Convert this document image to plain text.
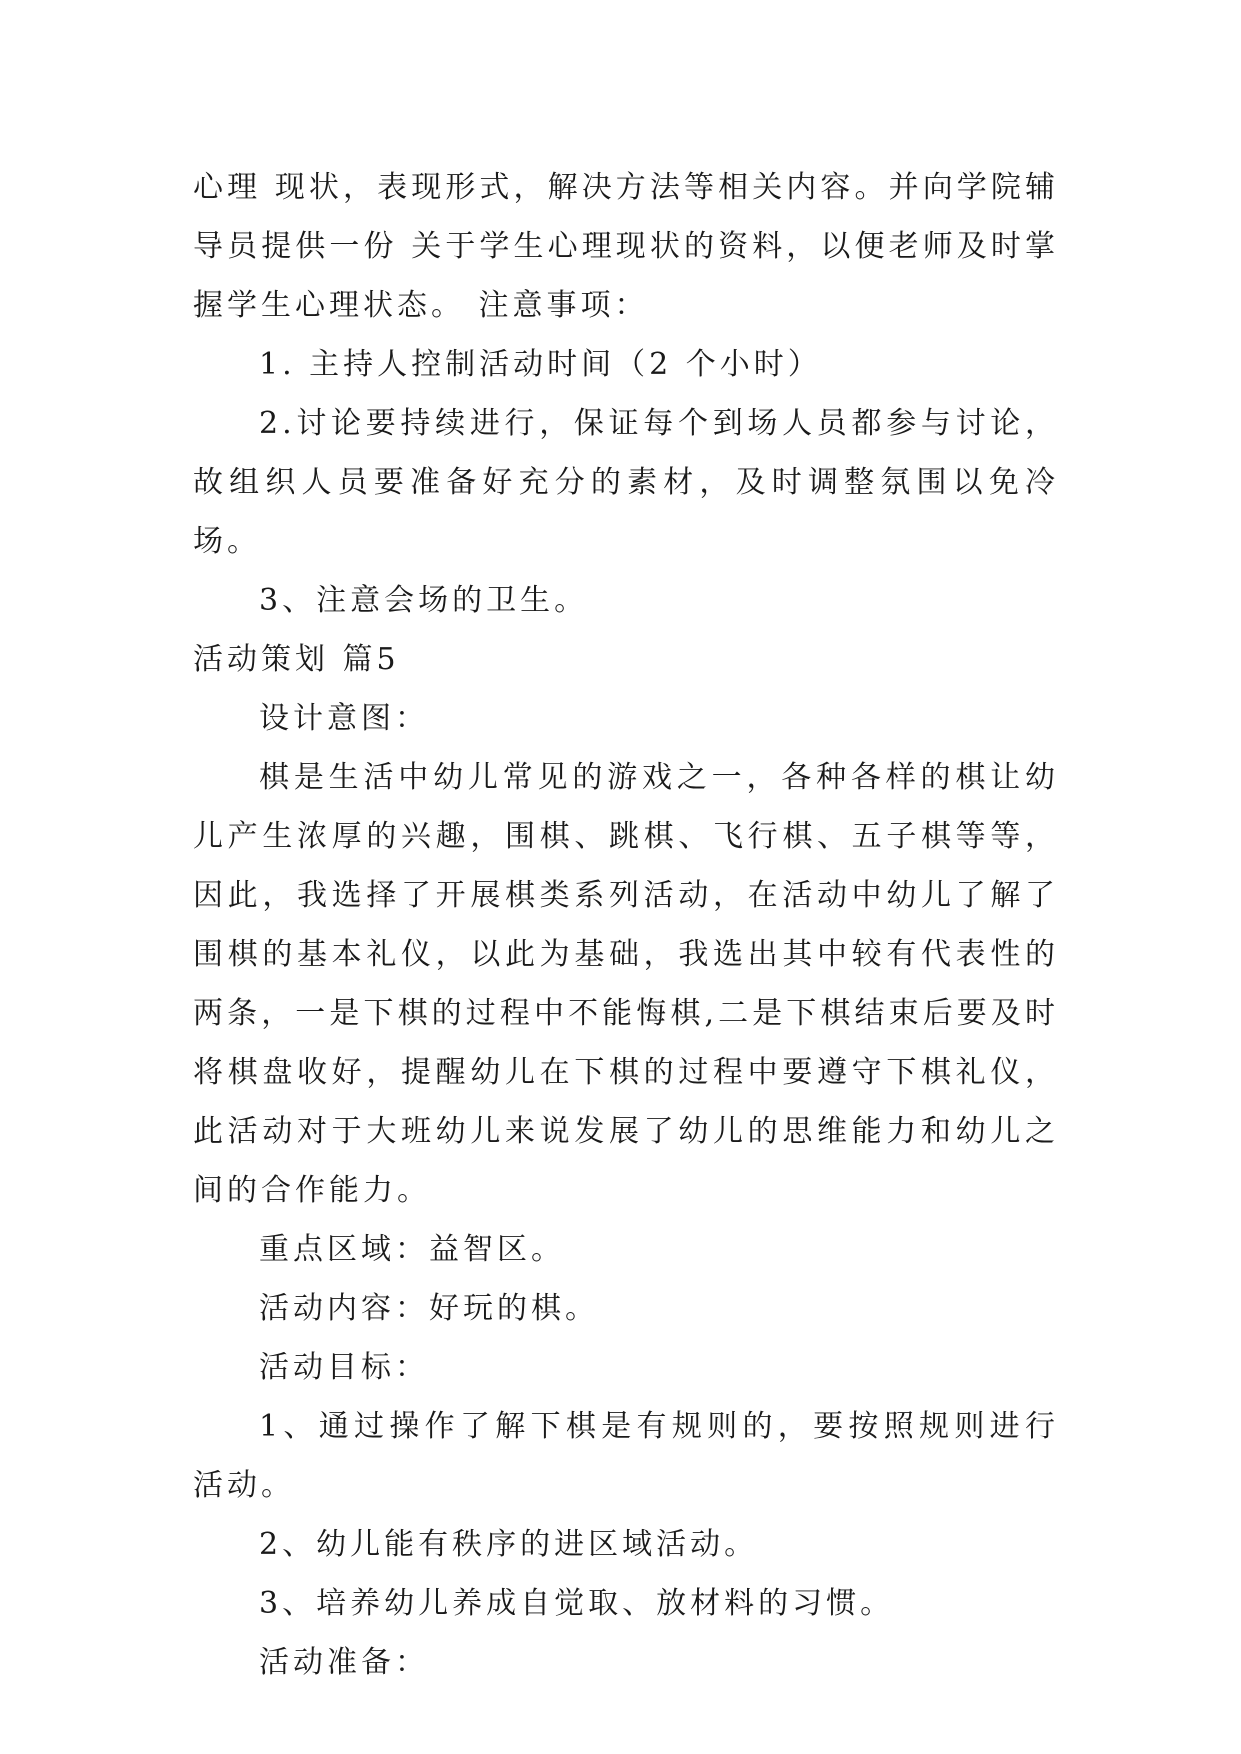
心理 现状，表现形式，解决方法等相关内容。并向学院辅导员提供一份 关于学生心理现状的资料，以便老师及时掌握学生心理状态。 注意事项：

1. 主持人控制活动时间（2 个小时）

2.讨论要持续进行，保证每个到场人员都参与讨论，故组织人员要准备好充分的素材，及时调整氛围以免冷场。

3、注意会场的卫生。

活动策划 篇5

设计意图：

棋是生活中幼儿常见的游戏之一，各种各样的棋让幼儿产生浓厚的兴趣，围棋、跳棋、飞行棋、五子棋等等，因此，我选择了开展棋类系列活动，在活动中幼儿了解了围棋的基本礼仪，以此为基础，我选出其中较有代表性的两条，一是下棋的过程中不能悔棋,二是下棋结束后要及时将棋盘收好，提醒幼儿在下棋的过程中要遵守下棋礼仪，此活动对于大班幼儿来说发展了幼儿的思维能力和幼儿之间的合作能力。

重点区域：益智区。

活动内容：好玩的棋。

活动目标：

1、通过操作了解下棋是有规则的，要按照规则进行活动。

2、幼儿能有秩序的进区域活动。

3、培养幼儿养成自觉取、放材料的习惯。

活动准备：
